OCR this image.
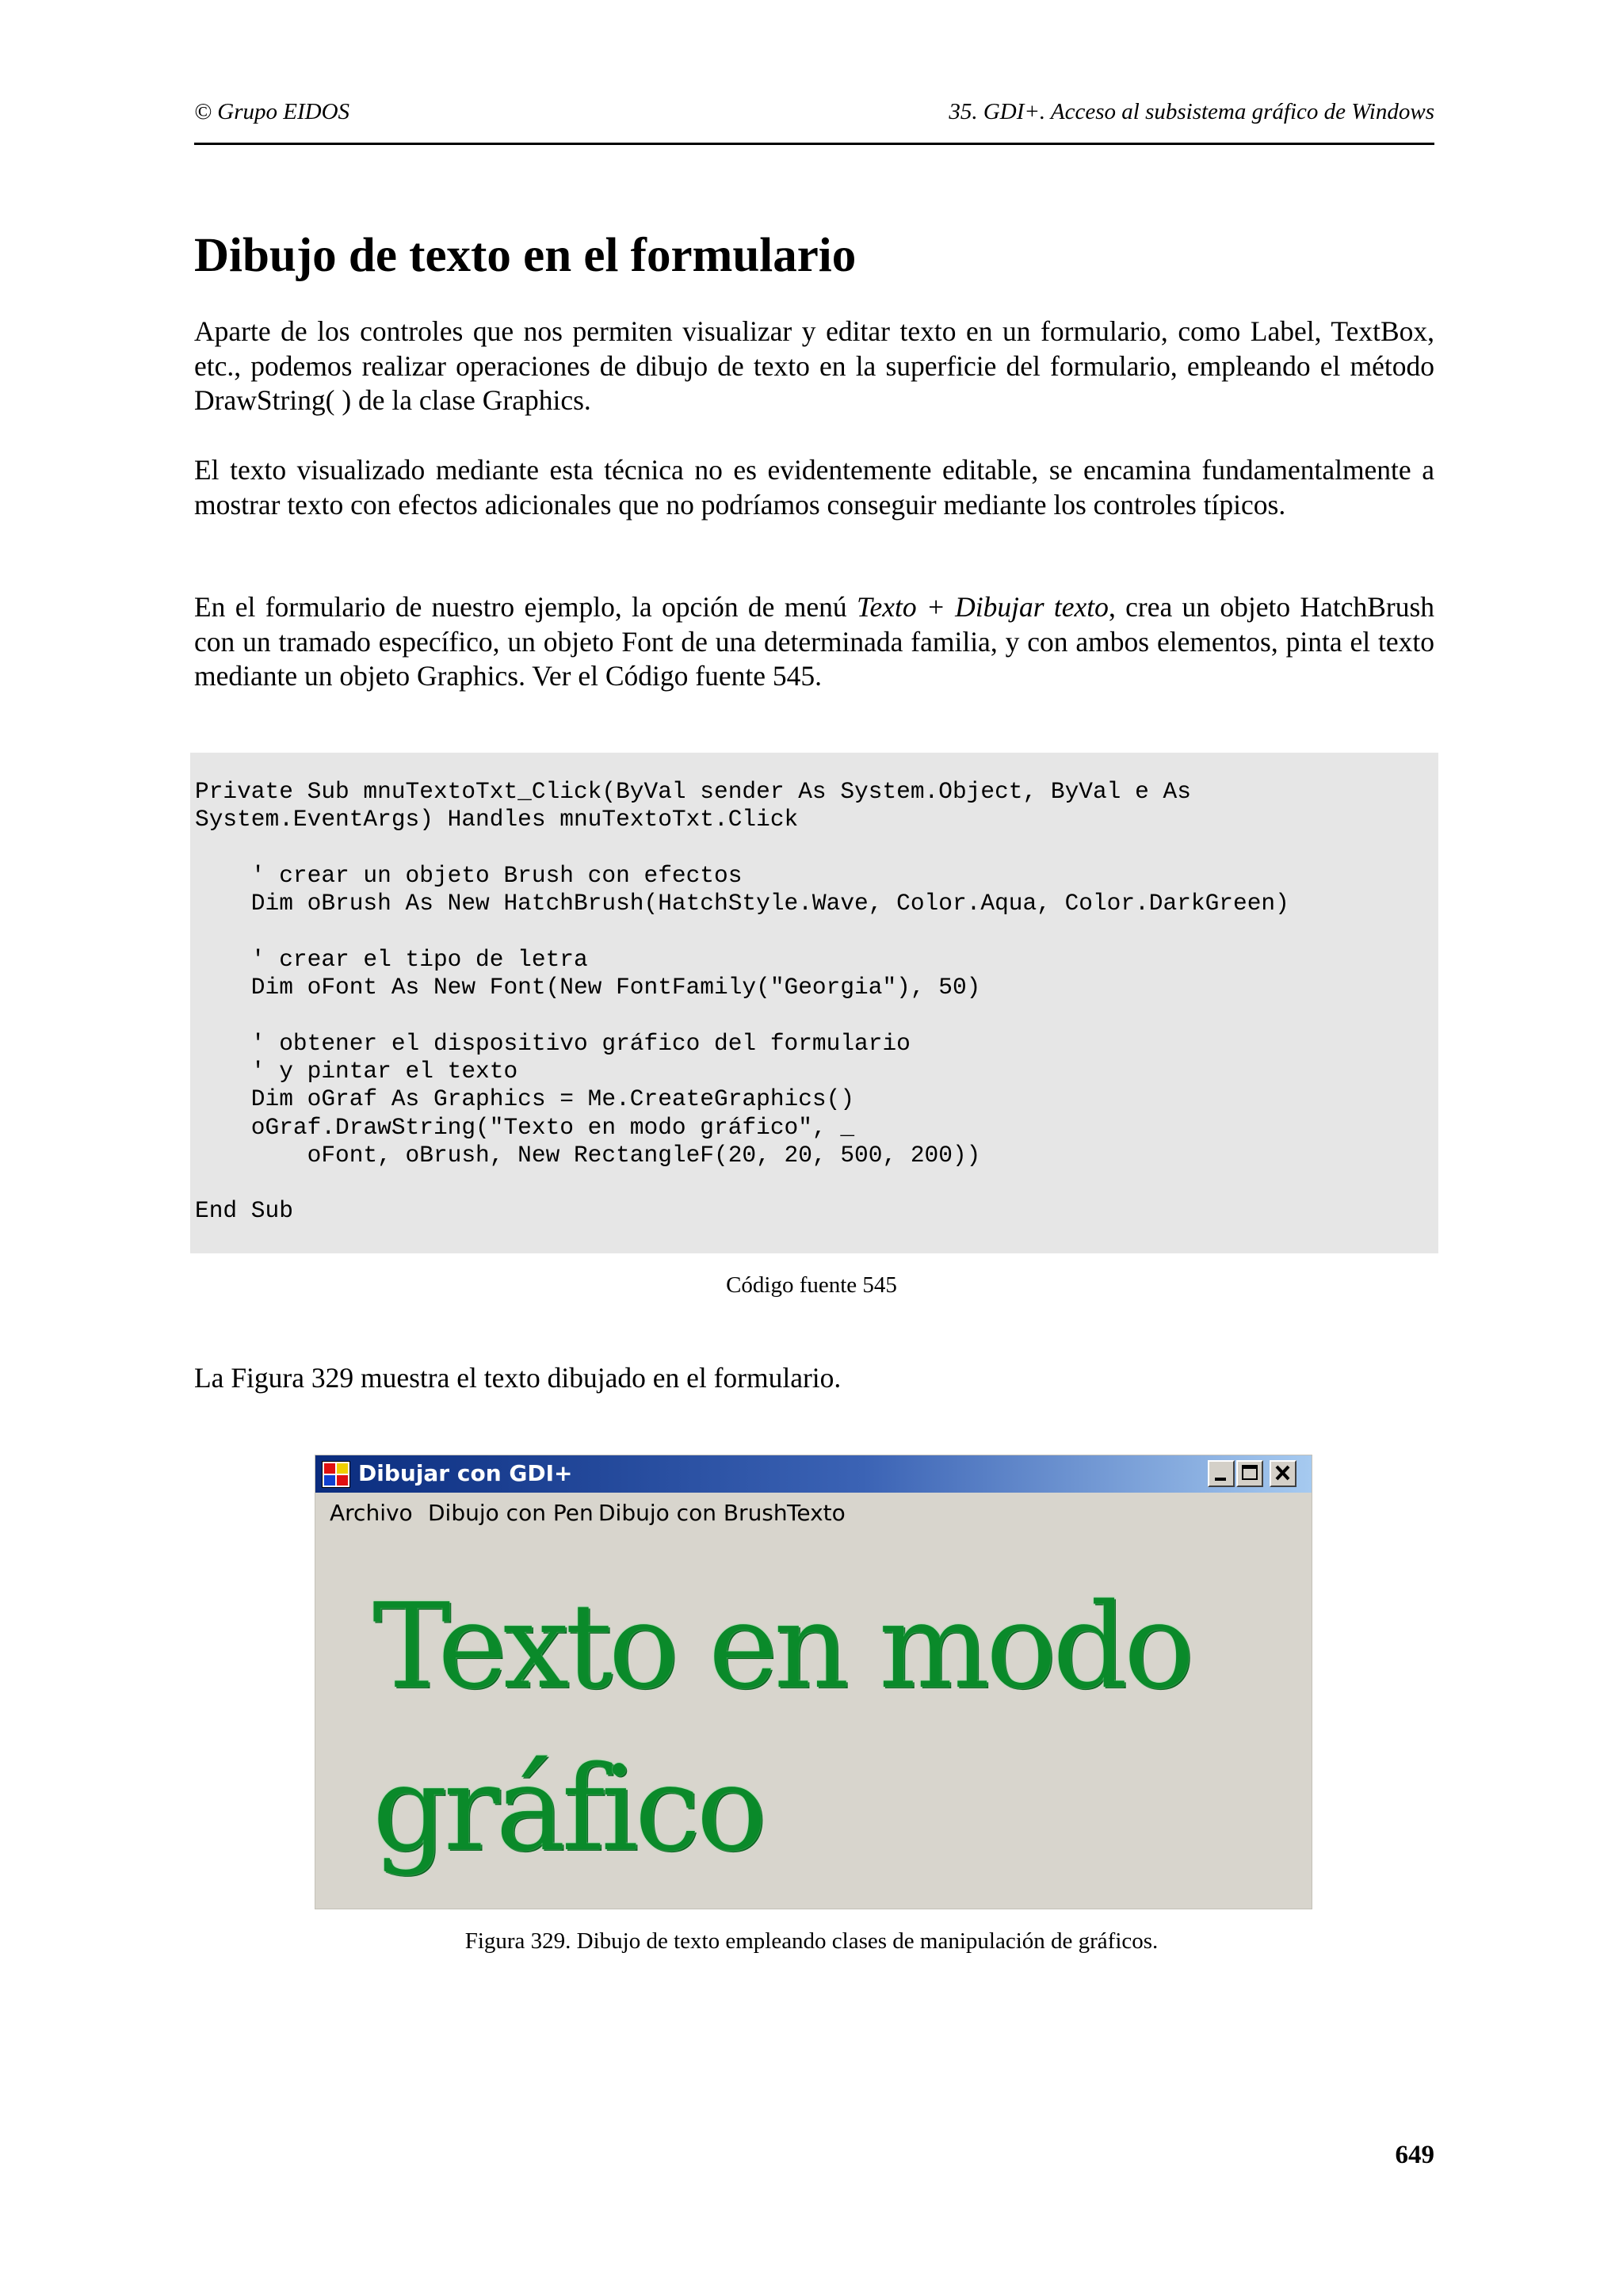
© Grupo EIDOS	35. GDI+. Acceso al subsistema gráfico de Windows
Dibujo de texto en el formulario

Aparte de los controles que nos permiten visualizar y editar texto en un formulario, como Label, TextBox, etc., podemos realizar operaciones de dibujo de texto en la superficie del formulario, empleando el método DrawString( ) de la clase Graphics.

El texto visualizado mediante esta técnica no es evidentemente editable, se encamina fundamentalmente a mostrar texto con efectos adicionales que no podríamos conseguir mediante los controles típicos.

En el formulario de nuestro ejemplo, la opción de menú Texto + Dibujar texto, crea un objeto HatchBrush con un tramado específico, un objeto Font de una determinada familia, y con ambos elementos, pinta el texto mediante un objeto Graphics. Ver el Código fuente 545.

Private Sub mnuTextoTxt_Click(ByVal sender As System.Object, ByVal e As
System.EventArgs) Handles mnuTextoTxt.Click

' crear un objeto Brush con efectos
Dim oBrush As New HatchBrush(HatchStyle.Wave, Color.Aqua, Color.DarkGreen)

' crear el tipo de letra
Dim oFont As New Font(New FontFamily("Georgia"), 50)

' obtener el dispositivo gráfico del formulario
' y pintar el texto
Dim oGraf As Graphics = Me.CreateGraphics()
oGraf.DrawString("Texto en modo gráfico", _
oFont, oBrush, New RectangleF(20, 20, 500, 200))

End Sub
Código fuente 545

La Figura 329 muestra el texto dibujado en el formulario.

Dibujar con GDI+
Archivo Dibujo con Pen Dibujo con Brush Texto
Texto en modo
gráfico
Figura 329. Dibujo de texto empleando clases de manipulación de gráficos.
649
